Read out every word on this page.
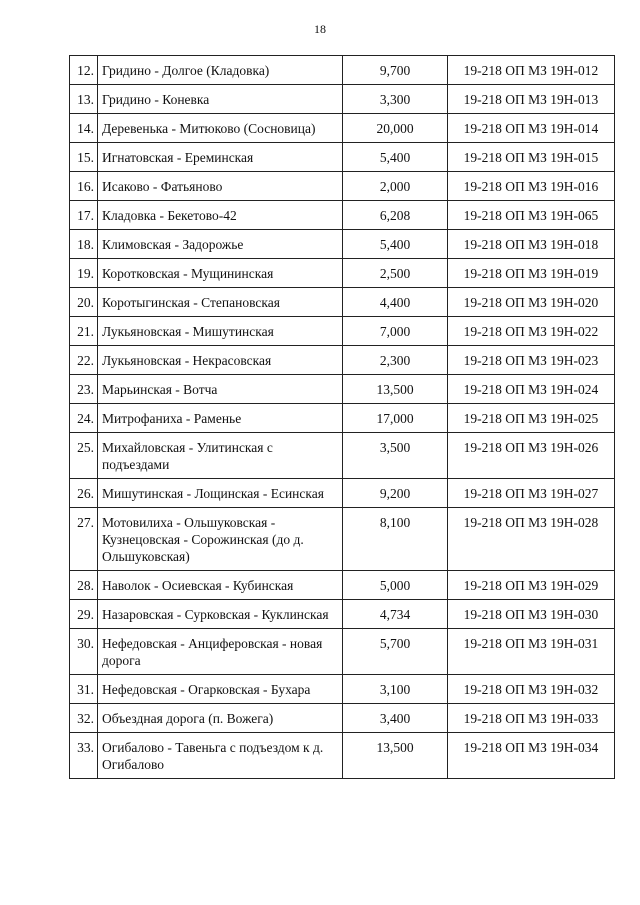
18
12.	Гридино - Долгое (Кладовка)	9,700	19-218 ОП МЗ 19Н-012
13.	Гридино - Коневка	3,300	19-218 ОП МЗ 19Н-013
14.	Деревенька - Митюково (Сосновица)	20,000	19-218 ОП МЗ 19Н-014
15.	Игнатовская - Ереминская	5,400	19-218 ОП МЗ 19Н-015
16.	Исаково - Фатьяново	2,000	19-218 ОП МЗ 19Н-016
17.	Кладовка - Бекетово-42	6,208	19-218 ОП МЗ 19Н-065
18.	Климовская - Задорожье	5,400	19-218 ОП МЗ 19Н-018
19.	Коротковская - Мущининская	2,500	19-218 ОП МЗ 19Н-019
20.	Коротыгинская - Степановская	4,400	19-218 ОП МЗ 19Н-020
21.	Лукьяновская - Мишутинская	7,000	19-218 ОП МЗ 19Н-022
22.	Лукьяновская - Некрасовская	2,300	19-218 ОП МЗ 19Н-023
23.	Марьинская - Вотча	13,500	19-218 ОП МЗ 19Н-024
24.	Митрофаниха - Раменье	17,000	19-218 ОП МЗ 19Н-025
25.	Михайловская - Улитинская с подъездами	3,500	19-218 ОП МЗ 19Н-026
26.	Мишутинская - Лощинская - Есинская	9,200	19-218 ОП МЗ 19Н-027
27.	Мотовилиха - Ольшуковская - Кузнецовская - Сорожинская (до д. Ольшуковская)	8,100	19-218 ОП МЗ 19Н-028
28.	Наволок - Осиевская - Кубинская	5,000	19-218 ОП МЗ 19Н-029
29.	Назаровская - Сурковская - Куклинская	4,734	19-218 ОП МЗ 19Н-030
30.	Нефедовская - Анциферовская - новая дорога	5,700	19-218 ОП МЗ 19Н-031
31.	Нефедовская - Огарковская - Бухара	3,100	19-218 ОП МЗ 19Н-032
32.	Объездная дорога (п. Вожега)	3,400	19-218 ОП МЗ 19Н-033
33.	Огибалово - Тавеньга с подъездом к д. Огибалово	13,500	19-218 ОП МЗ 19Н-034
